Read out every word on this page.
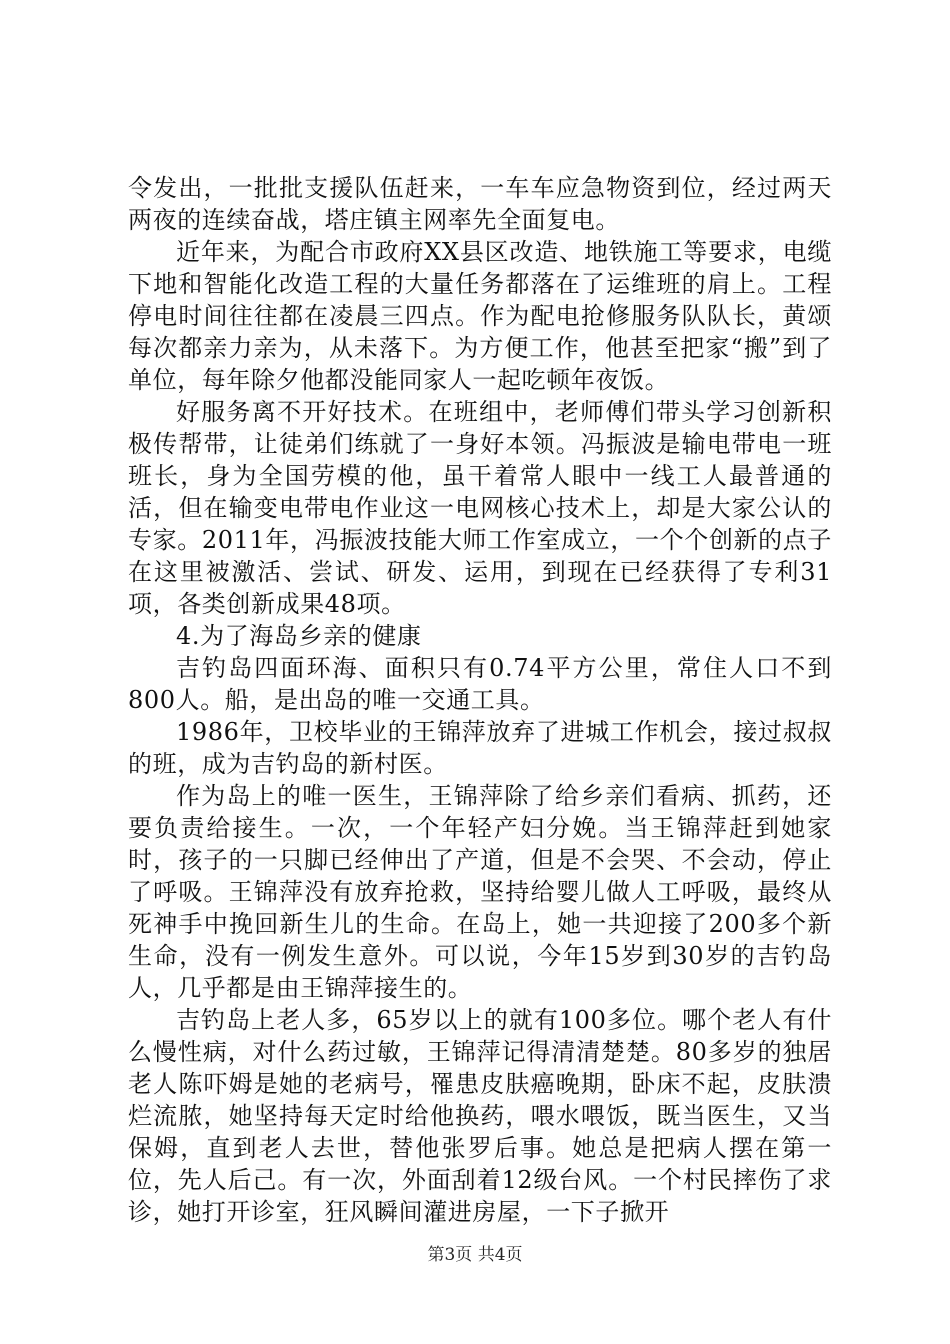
令发出，一批批支援队伍赶来，一车车应急物资到位，经过两天两夜的连续奋战，塔庄镇主网率先全面复电。

近年来，为配合市政府XX县区改造、地铁施工等要求，电缆下地和智能化改造工程的大量任务都落在了运维班的肩上。工程停电时间往往都在凌晨三四点。作为配电抢修服务队队长，黄颂每次都亲力亲为，从未落下。为方便工作，他甚至把家“搬”到了单位，每年除夕他都没能同家人一起吃顿年夜饭。

好服务离不开好技术。在班组中，老师傅们带头学习创新积极传帮带，让徒弟们练就了一身好本领。冯振波是输电带电一班班长，身为全国劳模的他，虽干着常人眼中一线工人最普通的活，但在输变电带电作业这一电网核心技术上，却是大家公认的专家。2011年，冯振波技能大师工作室成立，一个个创新的点子在这里被激活、尝试、研发、运用，到现在已经获得了专利31项，各类创新成果48项。

4.为了海岛乡亲的健康

吉钓岛四面环海、面积只有0.74平方公里，常住人口不到800人。船，是出岛的唯一交通工具。

1986年，卫校毕业的王锦萍放弃了进城工作机会，接过叔叔的班，成为吉钓岛的新村医。

作为岛上的唯一医生，王锦萍除了给乡亲们看病、抓药，还要负责给接生。一次，一个年轻产妇分娩。当王锦萍赶到她家时，孩子的一只脚已经伸出了产道，但是不会哭、不会动，停止了呼吸。王锦萍没有放弃抢救，坚持给婴儿做人工呼吸，最终从死神手中挽回新生儿的生命。在岛上，她一共迎接了200多个新生命，没有一例发生意外。可以说，今年15岁到30岁的吉钓岛人，几乎都是由王锦萍接生的。

吉钓岛上老人多，65岁以上的就有100多位。哪个老人有什么慢性病，对什么药过敏，王锦萍记得清清楚楚。80多岁的独居老人陈吓姆是她的老病号，罹患皮肤癌晚期，卧床不起，皮肤溃烂流脓，她坚持每天定时给他换药，喂水喂饭，既当医生，又当保姆，直到老人去世，替他张罗后事。她总是把病人摆在第一位，先人后己。有一次，外面刮着12级台风。一个村民摔伤了求诊，她打开诊室，狂风瞬间灌进房屋，一下子掀开

第3页 共4页
